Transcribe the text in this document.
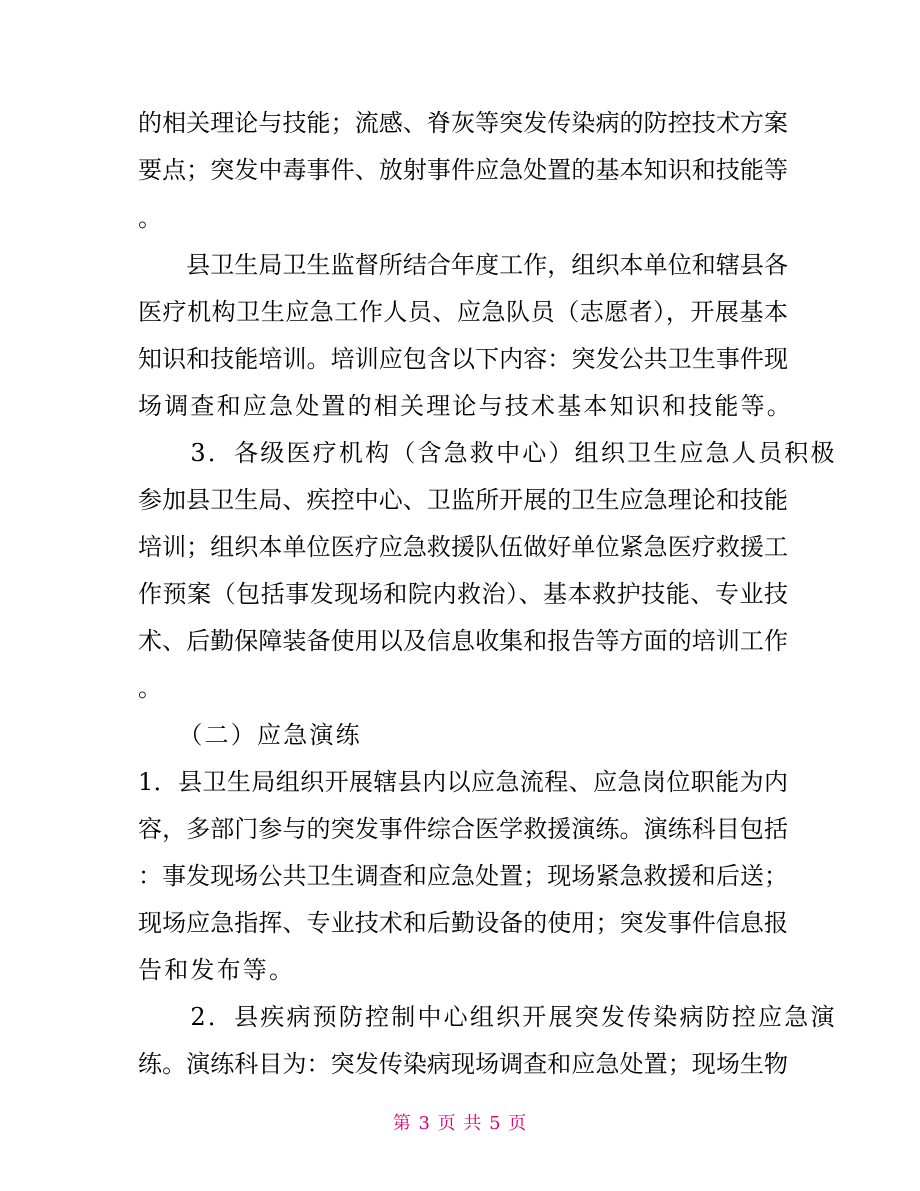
的相关理论与技能；流感、脊灰等突发传染病的防控技术方案
要点；突发中毒事件、放射事件应急处置的基本知识和技能等
。
　　县卫生局卫生监督所结合年度工作，组织本单位和辖县各
医疗机构卫生应急工作人员、应急队员（志愿者），开展基本
知识和技能培训。培训应包含以下内容：突发公共卫生事件现
场调查和应急处置的相关理论与技术基本知识和技能等。
　　3．各级医疗机构（含急救中心）组织卫生应急人员积极
参加县卫生局、疾控中心、卫监所开展的卫生应急理论和技能
培训；组织本单位医疗应急救援队伍做好单位紧急医疗救援工
作预案（包括事发现场和院内救治）、基本救护技能、专业技
术、后勤保障装备使用以及信息收集和报告等方面的培训工作
。
　　（二）应急演练
1．县卫生局组织开展辖县内以应急流程、应急岗位职能为内
容，多部门参与的突发事件综合医学救援演练。演练科目包括
：事发现场公共卫生调查和应急处置；现场紧急救援和后送；
现场应急指挥、专业技术和后勤设备的使用；突发事件信息报
告和发布等。
　　2．县疾病预防控制中心组织开展突发传染病防控应急演
练。演练科目为：突发传染病现场调查和应急处置；现场生物
第 3 页 共 5 页
